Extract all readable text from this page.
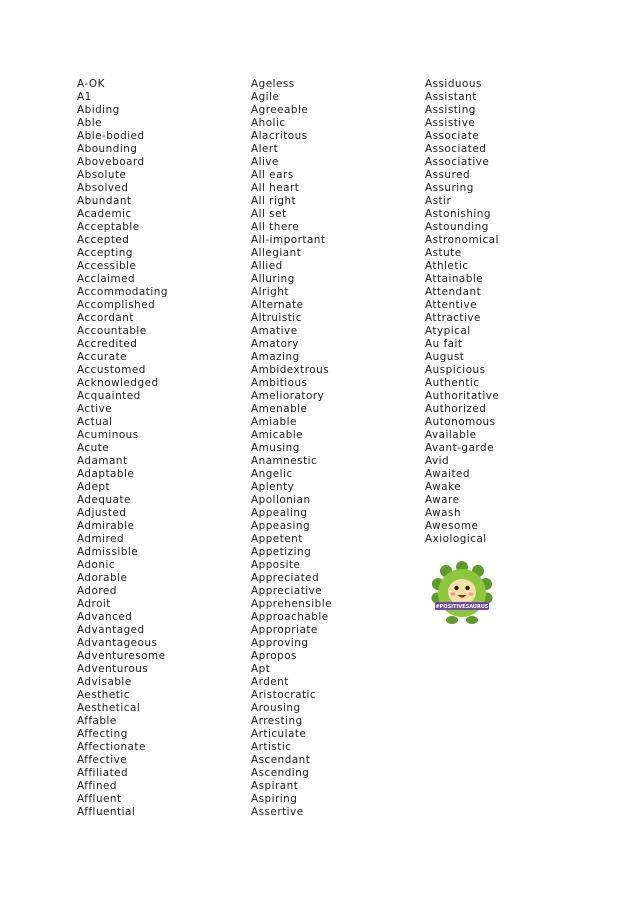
A-OK
A1
Abiding
Able
Able-bodied
Abounding
Aboveboard
Absolute
Absolved
Abundant
Academic
Acceptable
Accepted
Accepting
Accessible
Acclaimed
Accommodating
Accomplished
Accordant
Accountable
Accredited
Accurate
Accustomed
Acknowledged
Acquainted
Active
Actual
Acuminous
Acute
Adamant
Adaptable
Adept
Adequate
Adjusted
Admirable
Admired
Admissible
Adonic
Adorable
Adored
Adroit
Advanced
Advantaged
Advantageous
Adventuresome
Adventurous
Advisable
Aesthetic
Aesthetical
Affable
Affecting
Affectionate
Affective
Affiliated
Affined
Affluent
Affluential
Ageless
Agile
Agreeable
Aholic
Alacritous
Alert
Alive
All ears
All heart
All right
All set
All there
All-important
Allegiant
Allied
Alluring
Alright
Alternate
Altruistic
Amative
Amatory
Amazing
Ambidextrous
Ambitious
Amelioratory
Amenable
Amiable
Amicable
Amusing
Anamnestic
Angelic
Aplenty
Apollonian
Appealing
Appeasing
Appetent
Appetizing
Apposite
Appreciated
Appreciative
Apprehensible
Approachable
Appropriate
Approving
Apropos
Apt
Ardent
Aristocratic
Arousing
Arresting
Articulate
Artistic
Ascendant
Ascending
Aspirant
Aspiring
Assertive
Assiduous
Assistant
Assisting
Assistive
Associate
Associated
Associative
Assured
Assuring
Astir
Astonishing
Astounding
Astronomical
Astute
Athletic
Attainable
Attendant
Attentive
Attractive
Atypical
Au fait
August
Auspicious
Authentic
Authoritative
Authorized
Autonomous
Available
Avant-garde
Avid
Awaited
Awake
Aware
Awash
Awesome
Axiological
#POSITIVESAURUS
